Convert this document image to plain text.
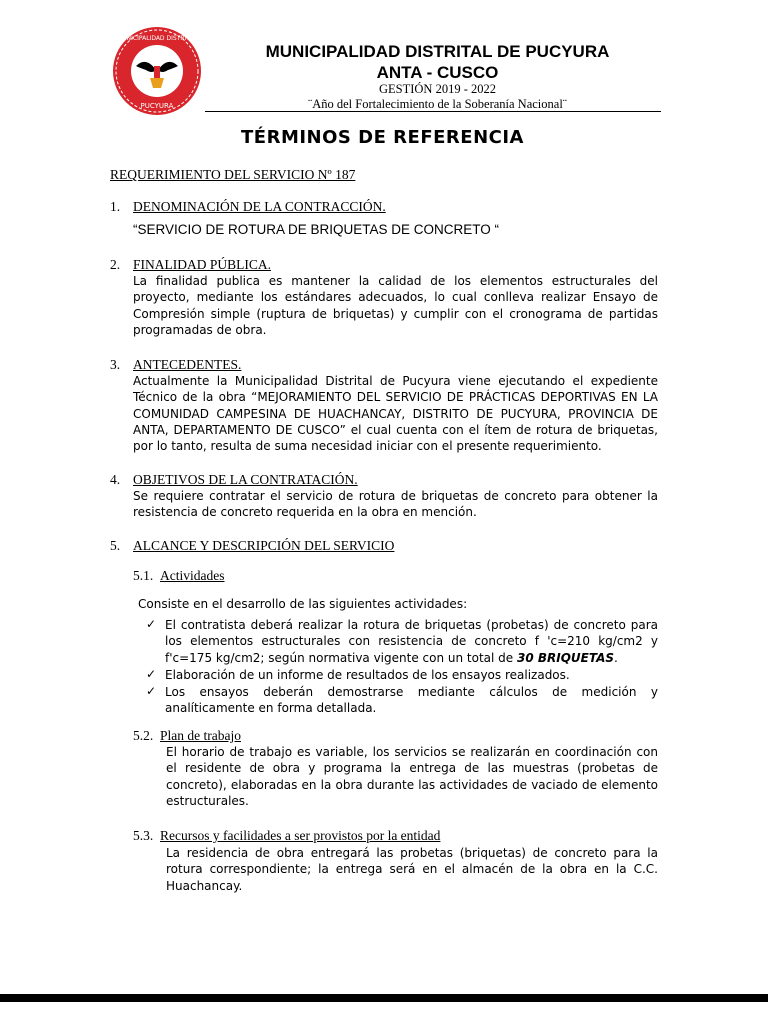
MUNICIPALIDAD DISTRITAL
PUCYURA
MUNICIPALIDAD DISTRITAL DE PUCYURA
ANTA - CUSCO
GESTIÓN 2019 - 2022
¨Año del Fortalecimiento de la Soberanía Nacional¨
TÉRMINOS DE REFERENCIA
REQUERIMIENTO DEL SERVICIO Nº 187
1. DENOMINACIÓN DE LA CONTRACCIÓN.
“SERVICIO DE ROTURA DE BRIQUETAS DE CONCRETO “
2. FINALIDAD PÚBLICA.
La finalidad publica es mantener la calidad de los elementos estructurales del proyecto, mediante los estándares adecuados, lo cual conlleva realizar Ensayo de Compresión simple (ruptura de briquetas) y cumplir con el cronograma de partidas programadas de obra.
3. ANTECEDENTES.
Actualmente la Municipalidad Distrital de Pucyura viene ejecutando el expediente Técnico de la obra “MEJORAMIENTO DEL SERVICIO DE PRÁCTICAS DEPORTIVAS EN LA COMUNIDAD CAMPESINA DE HUACHANCAY, DISTRITO DE PUCYURA, PROVINCIA DE ANTA, DEPARTAMENTO DE CUSCO” el cual cuenta con el ítem de rotura de briquetas, por lo tanto, resulta de suma necesidad iniciar con el presente requerimiento.
4. OBJETIVOS DE LA CONTRATACIÓN.
Se requiere contratar el servicio de rotura de briquetas de concreto para obtener la resistencia de concreto requerida en la obra en mención.
5. ALCANCE Y DESCRIPCIÓN DEL SERVICIO
5.1. Actividades
Consiste en el desarrollo de las siguientes actividades:
✓ El contratista deberá realizar la rotura de briquetas (probetas) de concreto para los elementos estructurales con resistencia de concreto f 'c=210 kg/cm2 y f'c=175 kg/cm2; según normativa vigente con un total de 30 BRIQUETAS.
✓ Elaboración de un informe de resultados de los ensayos realizados.
✓ Los ensayos deberán demostrarse mediante cálculos de medición y analíticamente en forma detallada.
5.2. Plan de trabajo
El horario de trabajo es variable, los servicios se realizarán en coordinación con el residente de obra y programa la entrega de las muestras (probetas de concreto), elaboradas en la obra durante las actividades de vaciado de elemento estructurales.
5.3. Recursos y facilidades a ser provistos por la entidad
La residencia de obra entregará las probetas (briquetas) de concreto para la rotura correspondiente; la entrega será en el almacén de la obra en la C.C. Huachancay.
